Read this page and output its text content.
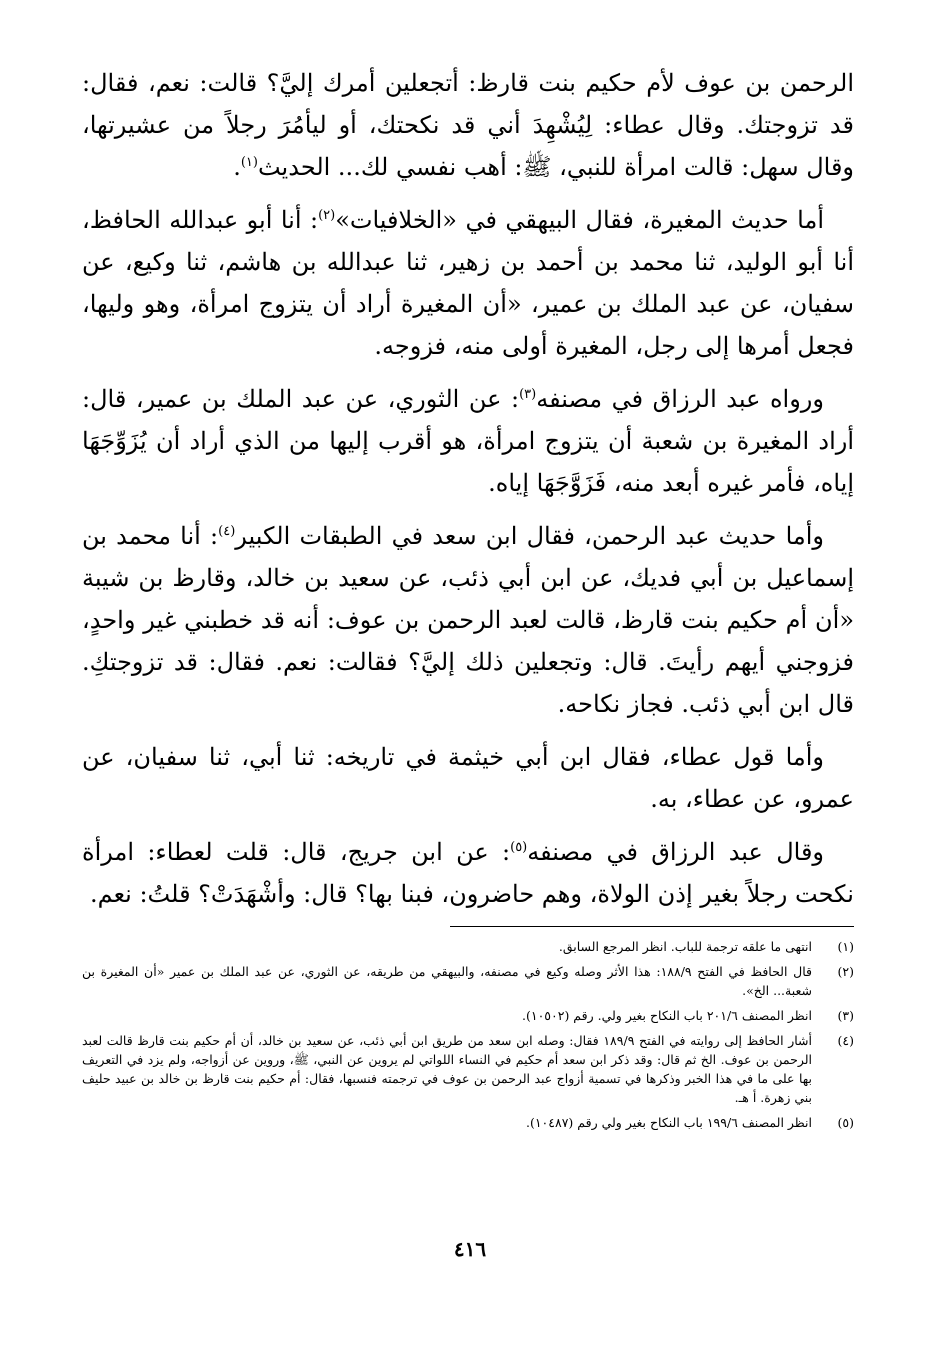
الرحمن بن عوف لأم حكيم بنت قارظ: أتجعلين أمرك إليَّ؟ قالت: نعم، فقال: قد تزوجتك. وقال عطاء: لِيُشْهِدَ أني قد نكحتك، أو ليأمُرَ رجلاً من عشيرتها، وقال سهل: قالت امرأة للنبي، ﷺ: أهب نفسي لك... الحديث$^{(١)}$.

أما حديث المغيرة، فقال البيهقي في «الخلافيات»$^{(٢)}$: أنا أبو عبدالله الحافظ، أنا أبو الوليد، ثنا محمد بن أحمد بن زهير، ثنا عبدالله بن هاشم، ثنا وكيع، عن سفيان، عن عبد الملك بن عمير، «أن المغيرة أراد أن يتزوج امرأة، وهو وليها، فجعل أمرها إلى رجل، المغيرة أولى منه، فزوجه.

ورواه عبد الرزاق في مصنفه$^{(٣)}$: عن الثوري، عن عبد الملك بن عمير، قال: أراد المغيرة بن شعبة أن يتزوج امرأة، هو أقرب إليها من الذي أراد أن يُزَوِّجَهَا إياه، فأمر غيره أبعد منه، فَزَوَّجَهَا إياه.

وأما حديث عبد الرحمن، فقال ابن سعد في الطبقات الكبير$^{(٤)}$: أنا محمد بن إسماعيل بن أبي فديك، عن ابن أبي ذئب، عن سعيد بن خالد، وقارظ بن شيبة «أن أم حكيم بنت قارظ، قالت لعبد الرحمن بن عوف: أنه قد خطبني غير واحدٍ، فزوجني أيهم رأيتَ. قال: وتجعلين ذلك إليَّ؟ فقالت: نعم. فقال: قد تزوجتكِ. قال ابن أبي ذئب. فجاز نكاحه.

وأما قول عطاء، فقال ابن أبي خيثمة في تاريخه: ثنا أبي، ثنا سفيان، عن عمرو، عن عطاء، به.

وقال عبد الرزاق في مصنفه$^{(٥)}$: عن ابن جريج، قال: قلت لعطاء: امرأة نكحت رجلاً بغير إذن الولاة، وهم حاضرون، فبنا بها؟ قال: وأشْهَدَتْ؟ قلتُ: نعم.

(١)
انتهى ما علقه ترجمة للباب. انظر المرجع السابق.
(٢)
قال الحافظ في الفتح ١٨٨/٩: هذا الأثر وصله وكيع في مصنفه، والبيهقي من طريقه، عن الثوري، عن عبد الملك بن عمير «أن المغيرة بن شعبة... الخ».
(٣)
انظر المصنف ٢٠١/٦ باب النكاح بغير ولي. رقم (١٠٥٠٢).
(٤)
أشار الحافظ إلى روايته في الفتح ١٨٩/٩ فقال: وصله ابن سعد من طريق ابن أبي ذئب، عن سعيد بن خالد، أن أم حكيم بنت قارظ قالت لعبد الرحمن بن عوف. الخ ثم قال: وقد ذكر ابن سعد أم حكيم في النساء اللواتي لم يروين عن النبي، ﷺ، وروين عن أزواجه، ولم يزد في التعريف بها على ما في هذا الخبر وذكرها في تسمية أزواج عبد الرحمن بن عوف في ترجمته فنسبها، فقال: أم حكيم بنت قارظ بن خالد بن عبيد حليف بني زهرة. أ هـ.
(٥)
انظر المصنف ١٩٩/٦ باب النكاح بغير ولي رقم (١٠٤٨٧).
٤١٦
